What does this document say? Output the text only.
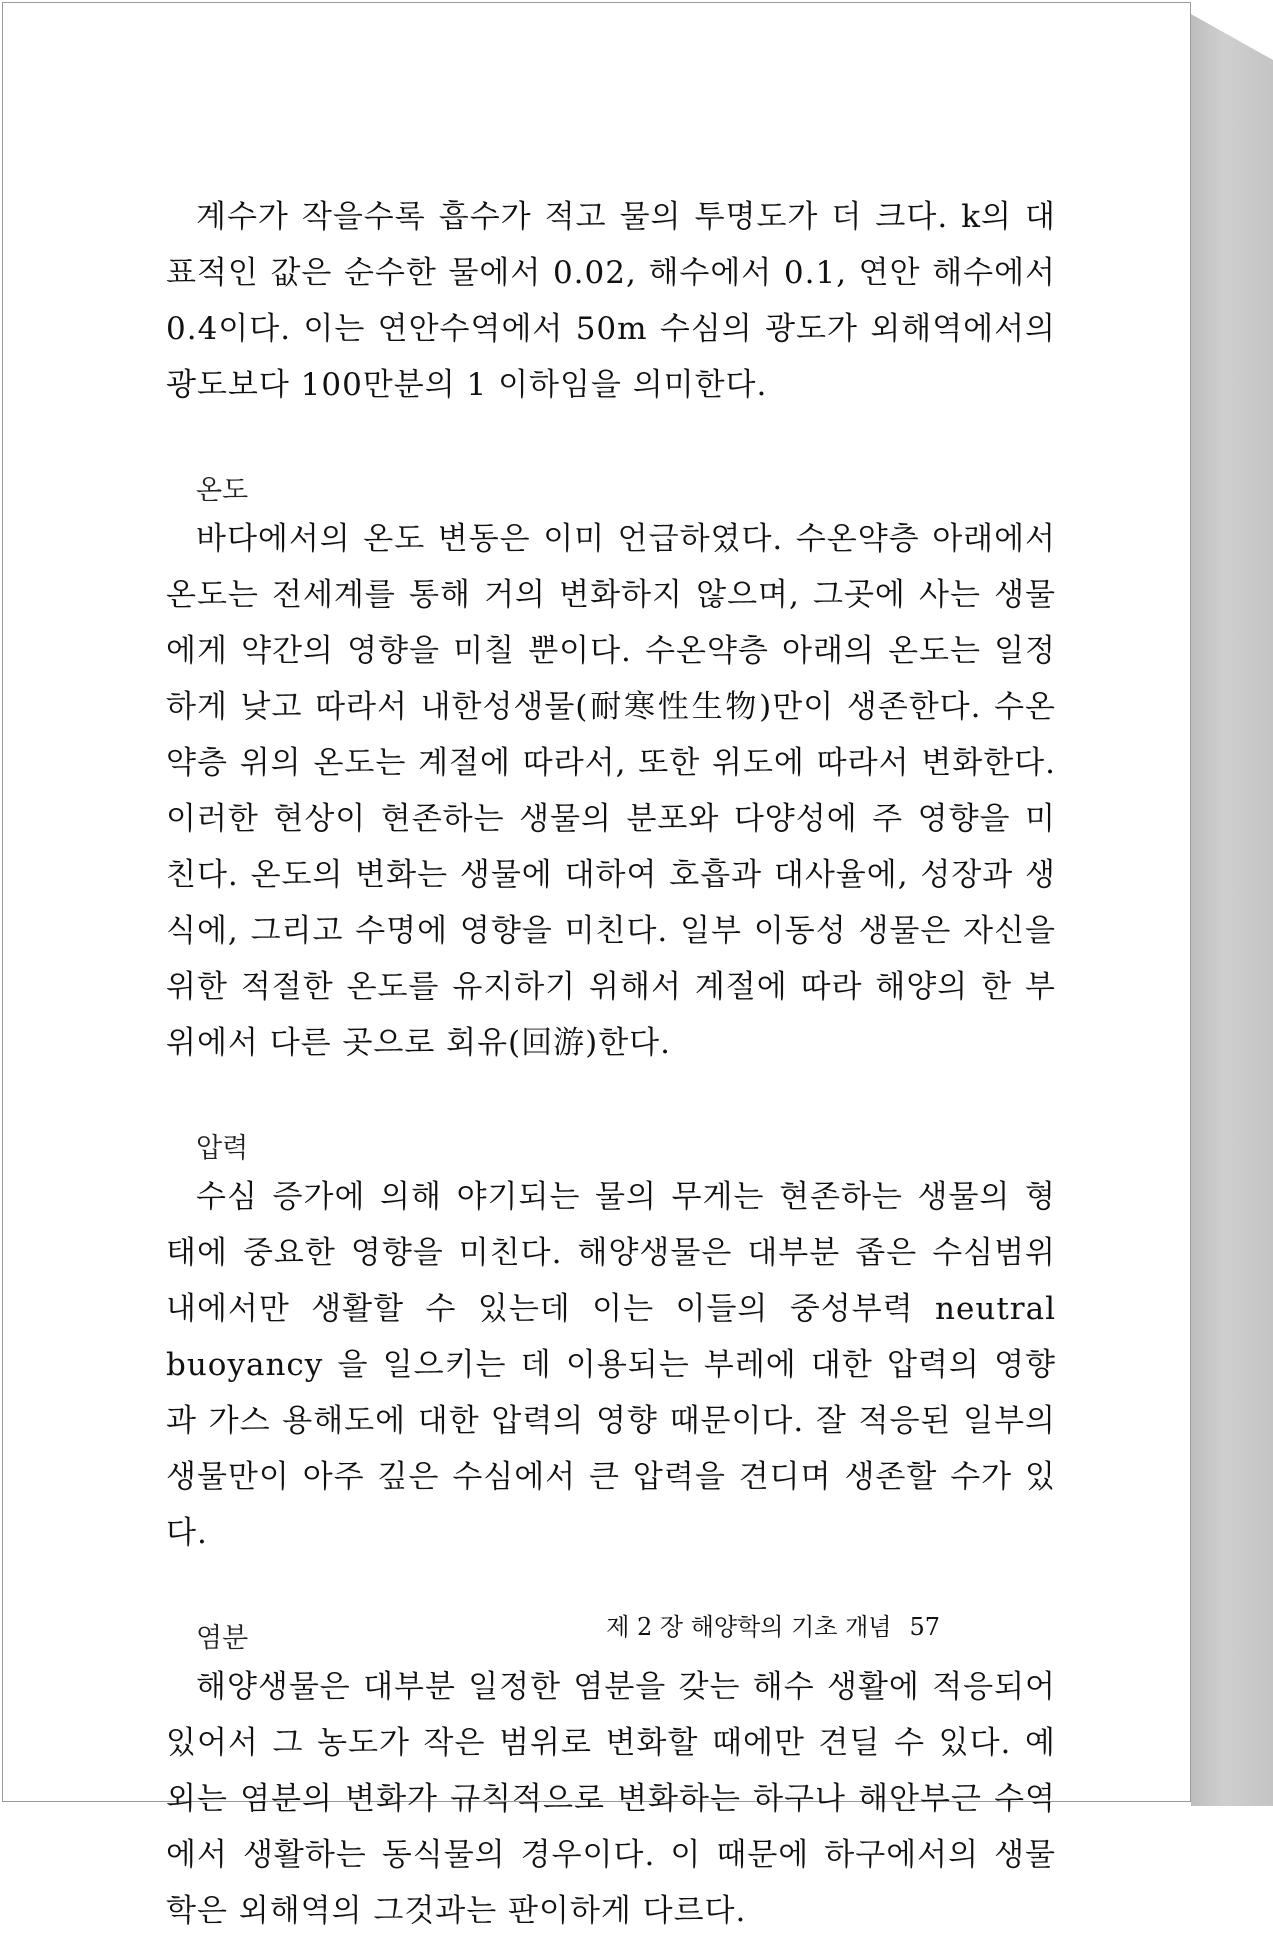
계수가 작을수록 흡수가 적고 물의 투명도가 더 크다. k의 대표적인 값은 순수한 물에서 0.02, 해수에서 0.1, 연안 해수에서 0.4이다. 이는 연안수역에서 50m 수심의 광도가 외해역에서의 광도보다 100만분의 1 이하임을 의미한다.

온도

바다에서의 온도 변동은 이미 언급하였다. 수온약층 아래에서 온도는 전세계를 통해 거의 변화하지 않으며, 그곳에 사는 생물에게 약간의 영향을 미칠 뿐이다. 수온약층 아래의 온도는 일정하게 낮고 따라서 내한성생물(耐寒性生物)만이 생존한다. 수온약층 위의 온도는 계절에 따라서, 또한 위도에 따라서 변화한다. 이러한 현상이 현존하는 생물의 분포와 다양성에 주 영향을 미친다. 온도의 변화는 생물에 대하여 호흡과 대사율에, 성장과 생식에, 그리고 수명에 영향을 미친다. 일부 이동성 생물은 자신을 위한 적절한 온도를 유지하기 위해서 계절에 따라 해양의 한 부위에서 다른 곳으로 회유(回游)한다.

압력

수심 증가에 의해 야기되는 물의 무게는 현존하는 생물의 형태에 중요한 영향을 미친다. 해양생물은 대부분 좁은 수심범위 내에서만 생활할 수 있는데 이는 이들의 중성부력 neutral buoyancy 을 일으키는 데 이용되는 부레에 대한 압력의 영향과 가스 용해도에 대한 압력의 영향 때문이다. 잘 적응된 일부의 생물만이 아주 깊은 수심에서 큰 압력을 견디며 생존할 수가 있다.

염분

해양생물은 대부분 일정한 염분을 갖는 해수 생활에 적응되어 있어서 그 농도가 작은 범위로 변화할 때에만 견딜 수 있다. 예외는 염분의 변화가 규칙적으로 변화하는 하구나 해안부근 수역에서 생활하는 동식물의 경우이다. 이 때문에 하구에서의 생물학은 외해역의 그것과는 판이하게 다르다.

제 2 장 해양학의 기초 개념 57
